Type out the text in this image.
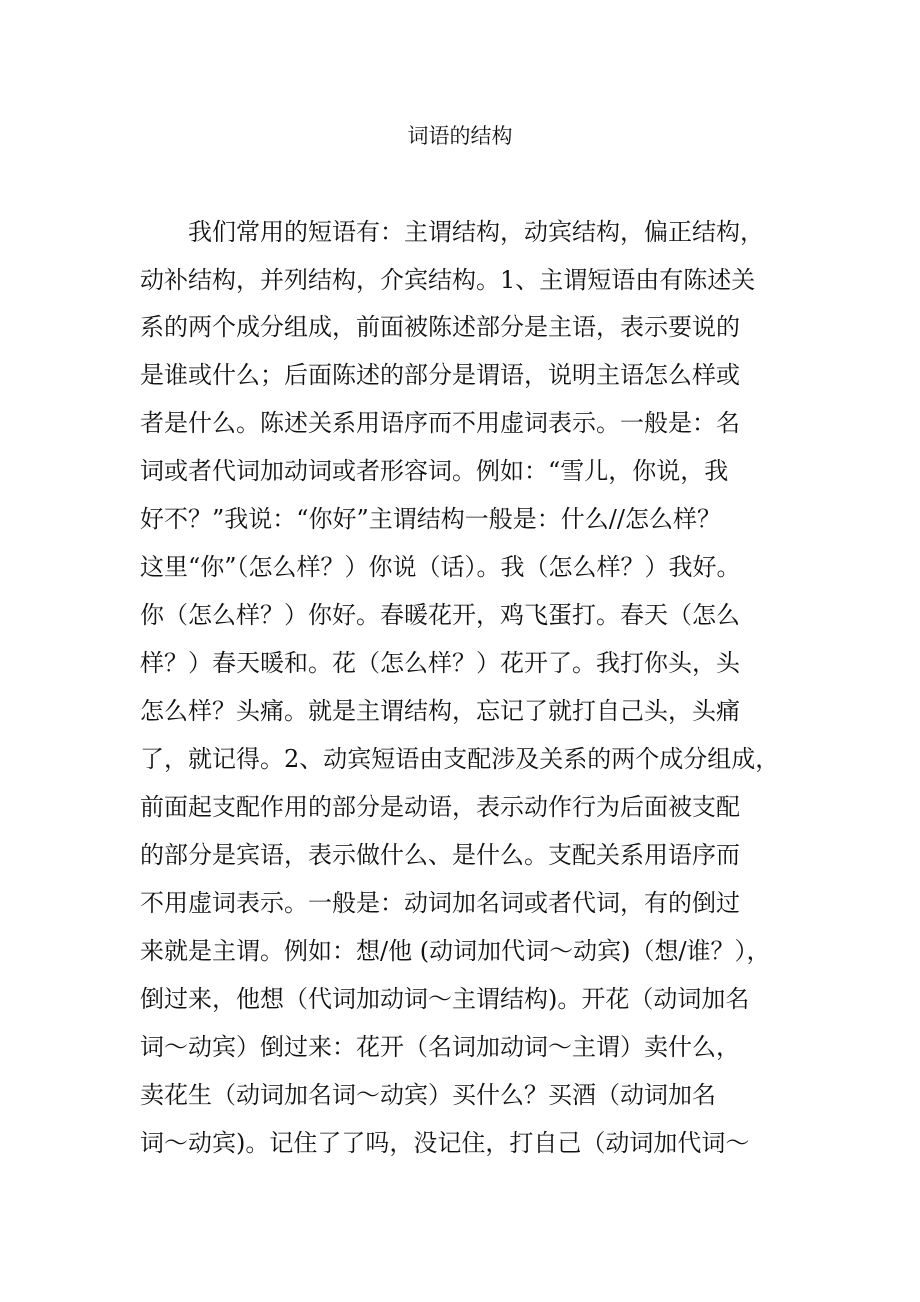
词语的结构
　　我们常用的短语有：主谓结构，动宾结构，偏正结构，
动补结构，并列结构，介宾结构。1、主谓短语由有陈述关
系的两个成分组成，前面被陈述部分是主语，表示要说的
是谁或什么；后面陈述的部分是谓语，说明主语怎么样或
者是什么。陈述关系用语序而不用虚词表示。一般是：名
词或者代词加动词或者形容词。例如：“雪儿，你说，我
好不？”我说：“你好”主谓结构一般是：什么//怎么样？
这里“你”（怎么样？）你说（话）。我（怎么样？）我好。
你（怎么样？）你好。春暖花开，鸡飞蛋打。春天（怎么
样？）春天暖和。花（怎么样？）花开了。我打你头，头
怎么样？头痛。就是主谓结构，忘记了就打自己头，头痛
了，就记得。2、动宾短语由支配涉及关系的两个成分组成，
前面起支配作用的部分是动语，表示动作行为后面被支配
的部分是宾语，表示做什么、是什么。支配关系用语序而
不用虚词表示。一般是：动词加名词或者代词，有的倒过
来就是主谓。例如：想/他 (动词加代词～动宾)（想/谁？），
倒过来，他想（代词加动词～主谓结构)。开花（动词加名
词～动宾）倒过来：花开（名词加动词～主谓）卖什么，
卖花生（动词加名词～动宾）买什么？买酒（动词加名
词～动宾)。记住了了吗，没记住，打自己（动词加代词～
